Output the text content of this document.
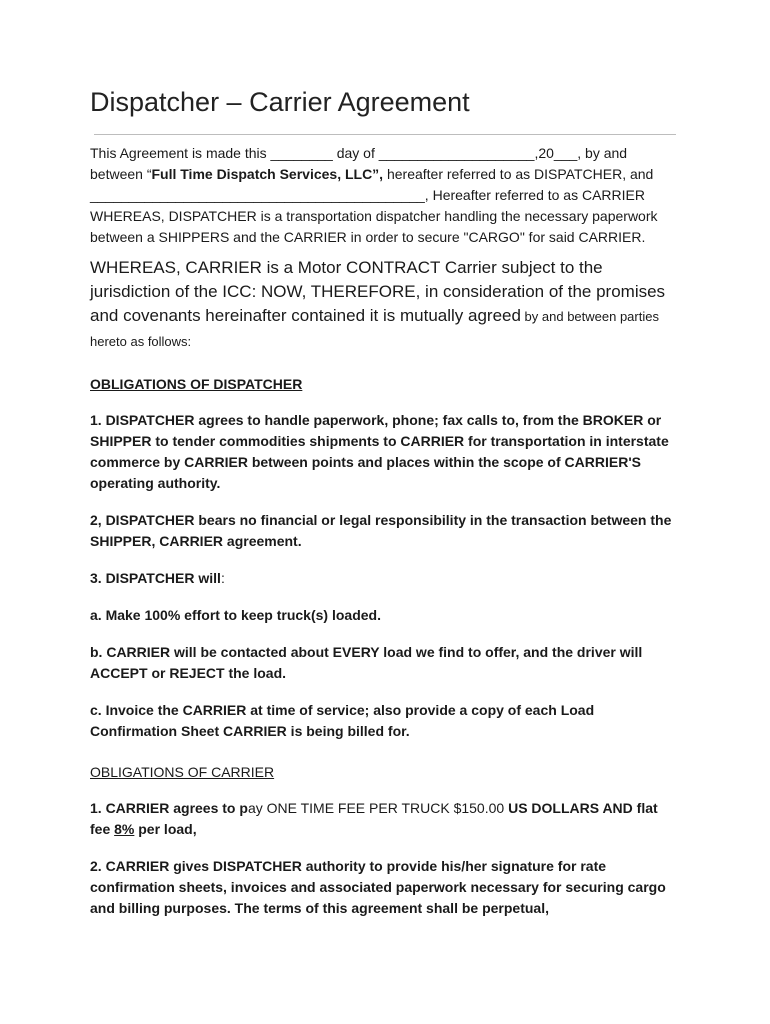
Dispatcher – Carrier Agreement

This Agreement is made this ________ day of ____________________,20___, by and between “Full Time Dispatch Services, LLC”, hereafter referred to as DISPATCHER, and ___________________________________________, Hereafter referred to as CARRIER WHEREAS, DISPATCHER is a transportation dispatcher handling the necessary paperwork between a SHIPPERS and the CARRIER in order to secure "CARGO" for said CARRIER.

WHEREAS, CARRIER is a Motor CONTRACT Carrier subject to the jurisdiction of the ICC: NOW, THEREFORE, in consideration of the promises and covenants hereinafter contained it is mutually agreed by and between parties hereto as follows:

OBLIGATIONS OF DISPATCHER

1. DISPATCHER agrees to handle paperwork, phone; fax calls to, from the BROKER or SHIPPER to tender commodities shipments to CARRIER for transportation in interstate commerce by CARRIER between points and places within the scope of CARRIER'S operating authority.

2, DISPATCHER bears no financial or legal responsibility in the transaction between the SHIPPER, CARRIER agreement.

3. DISPATCHER will:

a. Make 100% effort to keep truck(s) loaded.

b. CARRIER will be contacted about EVERY load we find to offer, and the driver will ACCEPT or REJECT the load.

c. Invoice the CARRIER at time of service; also provide a copy of each Load Confirmation Sheet CARRIER is being billed for.

OBLIGATIONS OF CARRIER

1. CARRIER agrees to pay ONE TIME FEE PER TRUCK $150.00 US DOLLARS AND flat fee 8% per load,

2. CARRIER gives DISPATCHER authority to provide his/her signature for rate confirmation sheets, invoices and associated paperwork necessary for securing cargo and billing purposes. The terms of this agreement shall be perpetual,
